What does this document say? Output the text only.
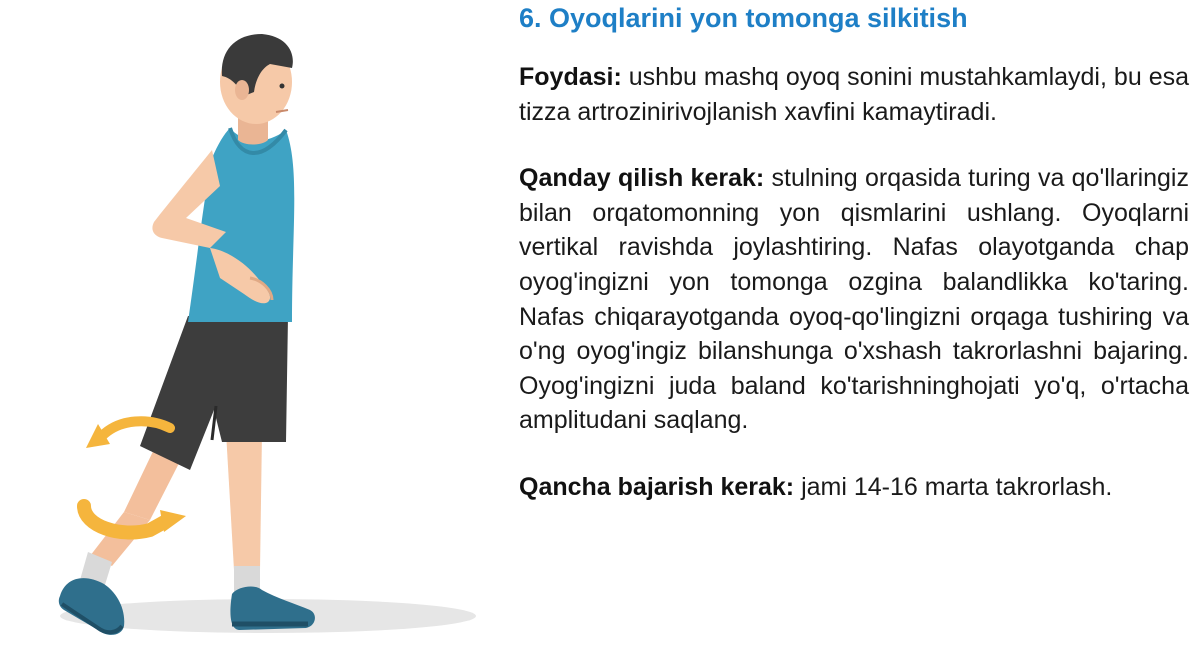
6. Oyoqlarini yon tomonga silkitish

Foydasi: ushbu mashq oyoq sonini mustahkamlaydi, bu esa tizza artrozinirivojlanish xavfini kamaytiradi.

Qanday qilish kerak: stulning orqasida turing va qo'llaringiz bilan orqatomonning yon qismlarini ushlang. Oyoqlarni vertikal ravishda joylashtiring. Nafas olayotganda chap oyog'ingizni yon tomonga ozgina balandlikka ko'taring. Nafas chiqarayotganda oyoq-qo'lingizni orqaga tushiring va o'ng oyog'ingiz bilanshunga o'xshash takrorlashni bajaring. Oyog'ingizni juda baland ko'tarishninghojati yo'q, o'rtacha amplitudani saqlang.

Qancha bajarish kerak: jami 14-16 marta takrorlash.
